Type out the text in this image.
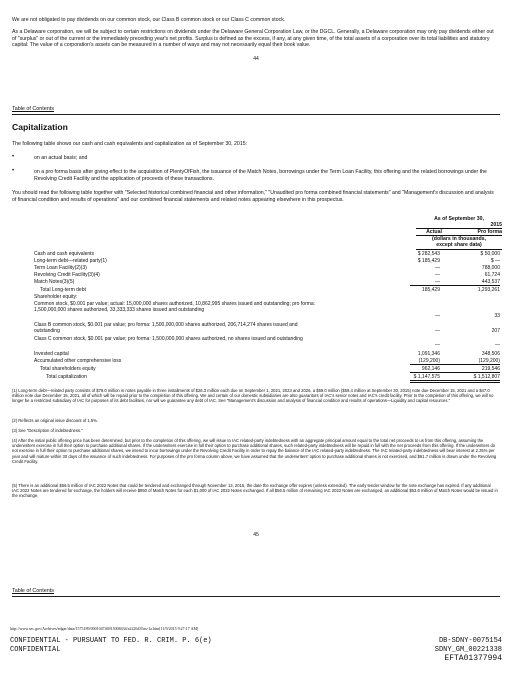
We are not obligated to pay dividends on our common stock, our Class B common stock or our Class C common stock.

As a Delaware corporation, we will be subject to certain restrictions on dividends under the Delaware General Corporation Law, or the DGCL. Generally, a Delaware corporation may only pay dividends either out of "surplus" or out of the current or the immediately preceding year's net profits. Surplus is defined as the excess, if any, at any given time, of the total assets of a corporation over its total liabilities and statutory capital. The value of a corporation's assets can be measured in a number of ways and may not necessarily equal their book value.

44
Table of Contents
Capitalization

The following table shows our cash and cash equivalents and capitalization as of September 30, 2015:

•	on an actual basis; and
•	on a pro forma basis after giving effect to the acquisition of PlentyOfFish, the issuance of the Match Notes, borrowings under the Term Loan Facility, this offering and the related borrowings under the Revolving Credit Facility and the application of proceeds of these transactions.

You should read the following table together with "Selected historical combined financial and other information," "Unaudited pro forma combined financial statements" and "Management's discussion and analysis of financial condition and results of operations" and our combined financial statements and related notes appearing elsewhere in this prospectus.

As of September 30,
2015
Actual	Pro forma
(dollars in thousands,
except share data)
Cash and cash equivalents	$ 282,543	$ 50,000
Long-term debt—related party(1)	$ 185,429	$ —
Term Loan Facility(2)(3)	—	788,000
Revolving Credit Facility(3)(4)	—	61,724
Match Notes(3)(5)	—	443,537
Total Long-term debt	185,429	1,293,261
Shareholder equity:
Common stock, $0.001 par value; actual: 15,000,000 shares authorized, 10,862,995 shares issued and outstanding; pro forma: 1,500,000,000 shares authorized, 33,333,333 shares issued and outstanding
—	33
Class B common stock, $0.001 par value; pro forma: 1,500,000,000 shares authorized, 206,714,274 shares issued and outstanding	—	207
Class C common stock, $0.001 par value; pro forma: 1,500,000,000 shares authorized, no shares issued and outstanding
—	—
Invested capital	1,091,346	348,506
Accumulated other comprehensive loss	(129,200)	(129,200)
Total shareholders equity	962,146	219,546
Total capitalization	$ 1,147,575	$ 1,512,807

(1) Long-term debt—related party consists of $79.0 million in notes payable in three installments of $26.3 million each due on September 1, 2021, 2023 and 2026, a $59.0 million ($59.4 million at September 30, 2015) note due December 15, 2021 and a $47.0 million note due December 15, 2021, all of which will be repaid prior to the completion of this offering. We and certain of our domestic subsidiaries are also guarantors of IAC's senior notes and IAC's credit facility. Prior to the completion of this offering, we will no longer be a restricted subsidiary of IAC for purposes of its debt facilities, nor will we guarantee any debt of IAC. See "Management's discussion and analysis of financial condition and results of operations—Liquidity and capital resources."

(2) Reflects an original issue discount of 1.5%.

(3) See "Description of indebtedness."

(4) After the initial public offering price has been determined, but prior to the completion of this offering, we will issue to IAC related-party indebtedness with an aggregate principal amount equal to the total net proceeds to us from this offering, assuming the underwriters exercise in full their option to purchase additional shares. If the underwriters exercise in full their option to purchase additional shares, such related-party indebtedness will be repaid in full with the net proceeds from this offering. If the underwriters do not exercise in full their option to purchase additional shares, we intend to incur borrowings under the Revolving Credit Facility in order to repay the balance of the IAC related-party indebtedness. The IAC related-party indebtedness will bear interest at 2.25% per year and will mature within 30 days of the issuance of such indebtedness. For purposes of the pro forma column above, we have assumed that the underwriters' option to purchase additional shares is not exercised, and $61.7 million is drawn under the Revolving Credit Facility.

(5) There is an additional $56.5 million of IAC 2022 Notes that could be tendered and exchanged through November 13, 2015, the date the exchange offer expires (unless extended). The early tender window for the note exchange has expired. If any additional IAC 2022 Notes are tendered for exchange, the holders will receive $950 of Match Notes for each $1,000 of IAC 2022 Notes exchanged. If all $56.5 million of remaining IAC 2022 Notes are exchanged, an additional $53.6 million of Match Notes would be issued in the exchange.

45
Table of Contents
http://www.sec.gov/Archives/edgar/data/1575189/000104746915008434/a2226435zs-1a.htm[11/9/2015 9:27:17 AM]
CONFIDENTIAL - PURSUANT TO FED. R. CRIM. P. 6(e)
CONFIDENTIAL
DB-SDNY-0075154
SDNY_GM_00221338
EFTA01377994
